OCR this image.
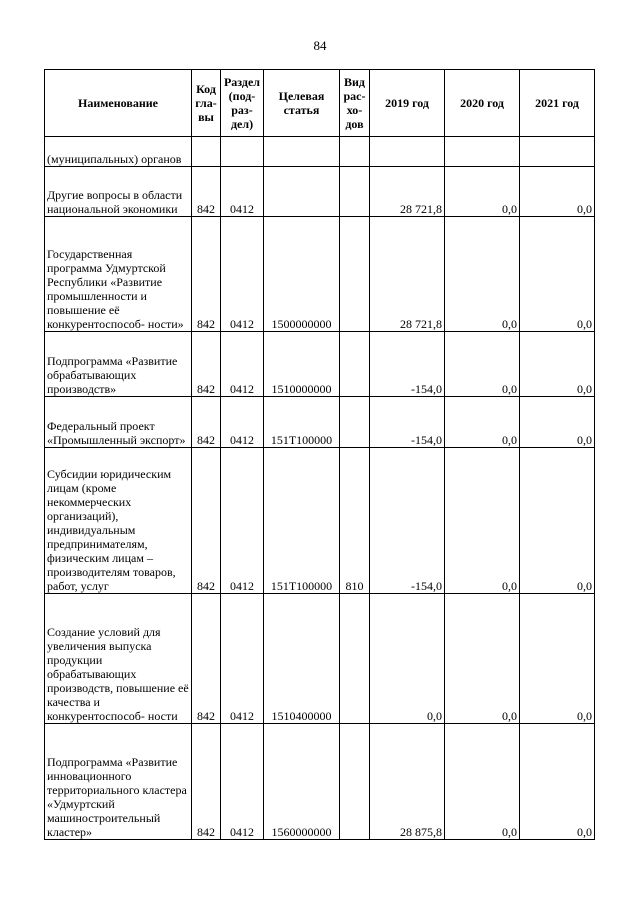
84
Наименование	Код гла- вы	Раздел (под- раз- дел)	Целевая статья	Вид рас- хо- дов	2019 год	2020 год	2021 год
(муниципальных) органов							
Другие вопросы в области национальной экономики	842	0412			28 721,8	0,0	0,0
Государственная программа Удмуртской Республики «Развитие промышленности и повышение её конкурентоспособ- ности»	842	0412	1500000000		28 721,8	0,0	0,0
Подпрограмма «Развитие обрабатывающих производств»	842	0412	1510000000		-154,0	0,0	0,0
Федеральный проект «Промышленный экспорт»	842	0412	151Т100000		-154,0	0,0	0,0
Субсидии юридическим лицам (кроме некоммерческих организаций), индивидуальным предпринимателям, физическим лицам – производителям товаров, работ, услуг	842	0412	151Т100000	810	-154,0	0,0	0,0
Создание условий для увеличения выпуска продукции обрабатывающих производств, повышение её качества и конкурентоспособ- ности	842	0412	1510400000		0,0	0,0	0,0
Подпрограмма «Развитие инновационного территориального кластера «Удмуртский машиностроительный кластер»	842	0412	1560000000		28 875,8	0,0	0,0
